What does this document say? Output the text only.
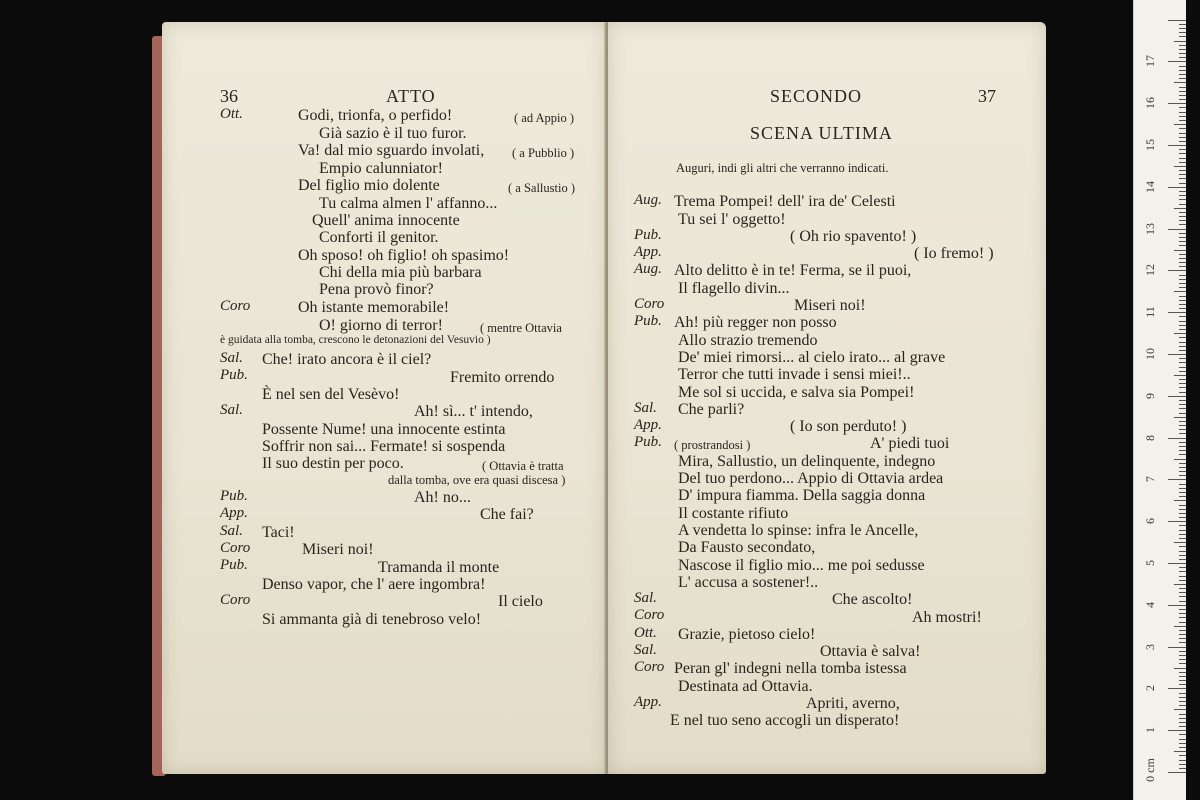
36	ATTO
Ott.	Godi, trionfa, o perfido!	( ad Appio )
Già sazio è il tuo furor.
Va! dal mio sguardo involati, ( a Pubblio )
Empio calunniator!
Del figlio mio dolente	( a Sallustio )
Tu calma almen l' affanno...
Quell' anima innocente
Conforti il genitor.
Oh sposo! oh figlio! oh spasimo!
Chi della mia più barbara
Pena provò finor?
Coro	Oh istante memorabile!
O! giorno di terror!	( mentre Ottavia
è guidata alla tomba, crescono le detonazioni del Vesuvio )
Sal. Che! irato ancora è il ciel?
Pub.	Fremito orrendo
È nel sen del Vesèvo!
Sal.	Ah! sì... t' intendo,
Possente Nume! una innocente estinta
Soffrir non sai... Fermate! si sospenda
Il suo destin per poco.	( Ottavia è tratta
dalla tomba, ove era quasi discesa )
Pub.	Ah! no...
App.	Che fai?
Sal. Taci!
Coro	Miseri noi!
Pub.	Tramanda il monte
Denso vapor, che l' aere ingombra!
Coro	Il cielo
Si ammanta già di tenebroso velo!
SECONDO	37
SCENA ULTIMA
Auguri, indi gli altri che verranno indicati.
Aug. Trema Pompei! dell' ira de' Celesti
Tu sei l' oggetto!
Pub.	( Oh rio spavento! )
App.	( Io fremo! )
Aug. Alto delitto è in te! Ferma, se il puoi,
Il flagello divin...
Coro	Miseri noi!
Pub. Ah! più regger non posso
Allo strazio tremendo
De' miei rimorsi... al cielo irato... al grave
Terror che tutti invade i sensi miei!..
Me sol si uccida, e salva sia Pompei!
Sal. Che parli?
App.	( Io son perduto! )
Pub. ( prostrandosi )	A' piedi tuoi
Mira, Sallustio, un delinquente, indegno
Del tuo perdono... Appio di Ottavia ardea
D' impura fiamma. Della saggia donna
Il costante rifiuto
A vendetta lo spinse: infra le Ancelle,
Da Fausto secondato,
Nascose il figlio mio... me poi sedusse
L' accusa a sostener!..
Sal.	Che ascolto!
Coro	Ah mostri!
Ott. Grazie, pietoso cielo!
Sal.	Ottavia è salva!
Coro Peran gl' indegni nella tomba istessa
Destinata ad Ottavia.
App.	Apriti, averno,
E nel tuo seno accogli un disperato!
0 cm
1
2
3
4
5
6
7
8
9
10
11
12
13
14
15
16
17
